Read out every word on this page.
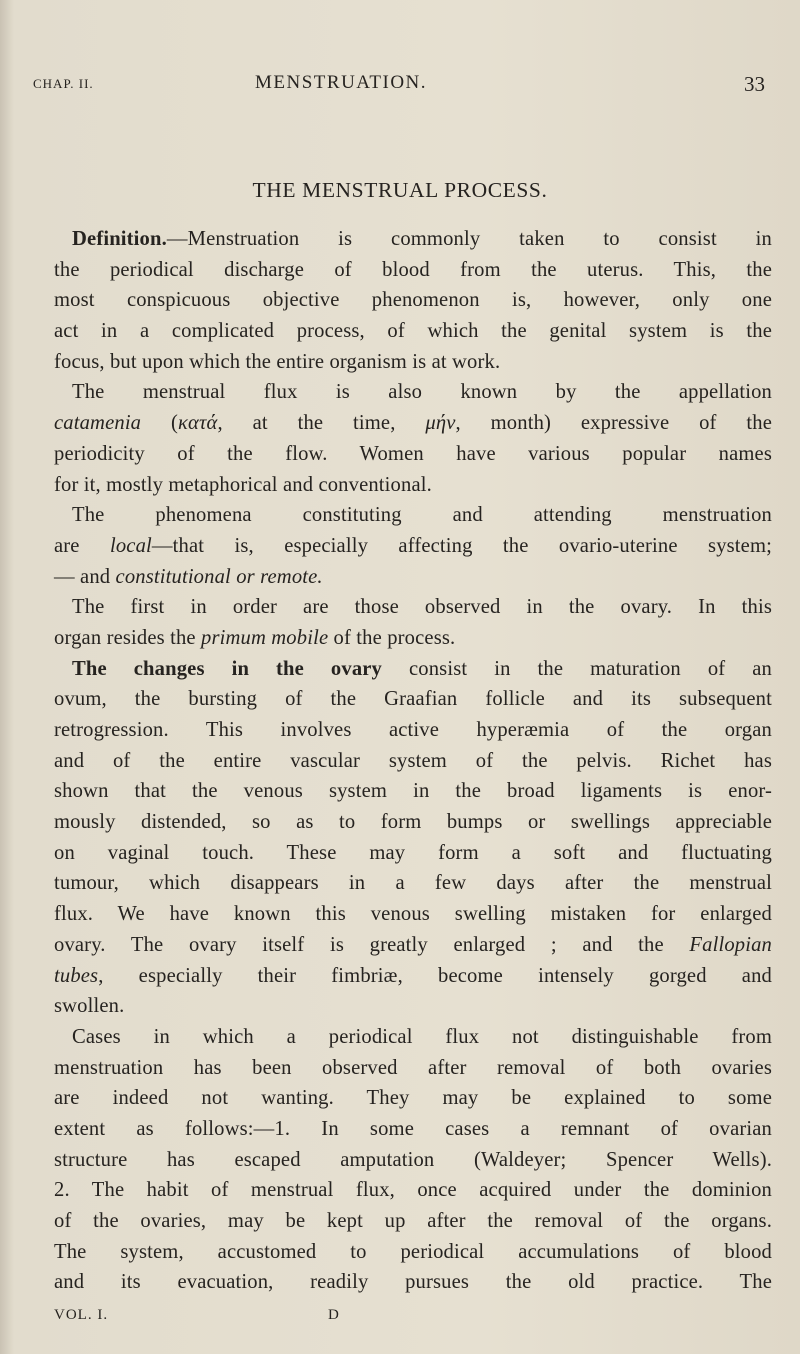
CHAP. II.	MENSTRUATION.	33
THE MENSTRUAL PROCESS.
Definition.—Menstruation is commonly taken to consist in
the periodical discharge of blood from the uterus. This, the
most conspicuous objective phenomenon is, however, only one
act in a complicated process, of which the genital system is the
focus, but upon which the entire organism is at work.
The menstrual flux is also known by the appellation
catamenia (κατά, at the time, μήν, month) expressive of the
periodicity of the flow. Women have various popular names
for it, mostly metaphorical and conventional.
The phenomena constituting and attending menstruation
are local—that is, especially affecting the ovario-uterine system;
— and constitutional or remote.
The first in order are those observed in the ovary. In this
organ resides the primum mobile of the process.
The changes in the ovary consist in the maturation of an
ovum, the bursting of the Graafian follicle and its subsequent
retrogression. This involves active hyperæmia of the organ
and of the entire vascular system of the pelvis. Richet has
shown that the venous system in the broad ligaments is enor-
mously distended, so as to form bumps or swellings appreciable
on vaginal touch. These may form a soft and fluctuating
tumour, which disappears in a few days after the menstrual
flux. We have known this venous swelling mistaken for enlarged
ovary. The ovary itself is greatly enlarged ; and the Fallopian
tubes, especially their fimbriæ, become intensely gorged and
swollen.
Cases in which a periodical flux not distinguishable from
menstruation has been observed after removal of both ovaries
are indeed not wanting. They may be explained to some
extent as follows:—1. In some cases a remnant of ovarian
structure has escaped amputation (Waldeyer; Spencer Wells).
2. The habit of menstrual flux, once acquired under the dominion
of the ovaries, may be kept up after the removal of the organs.
The system, accustomed to periodical accumulations of blood
and its evacuation, readily pursues the old practice. The
VOL. I.	D
